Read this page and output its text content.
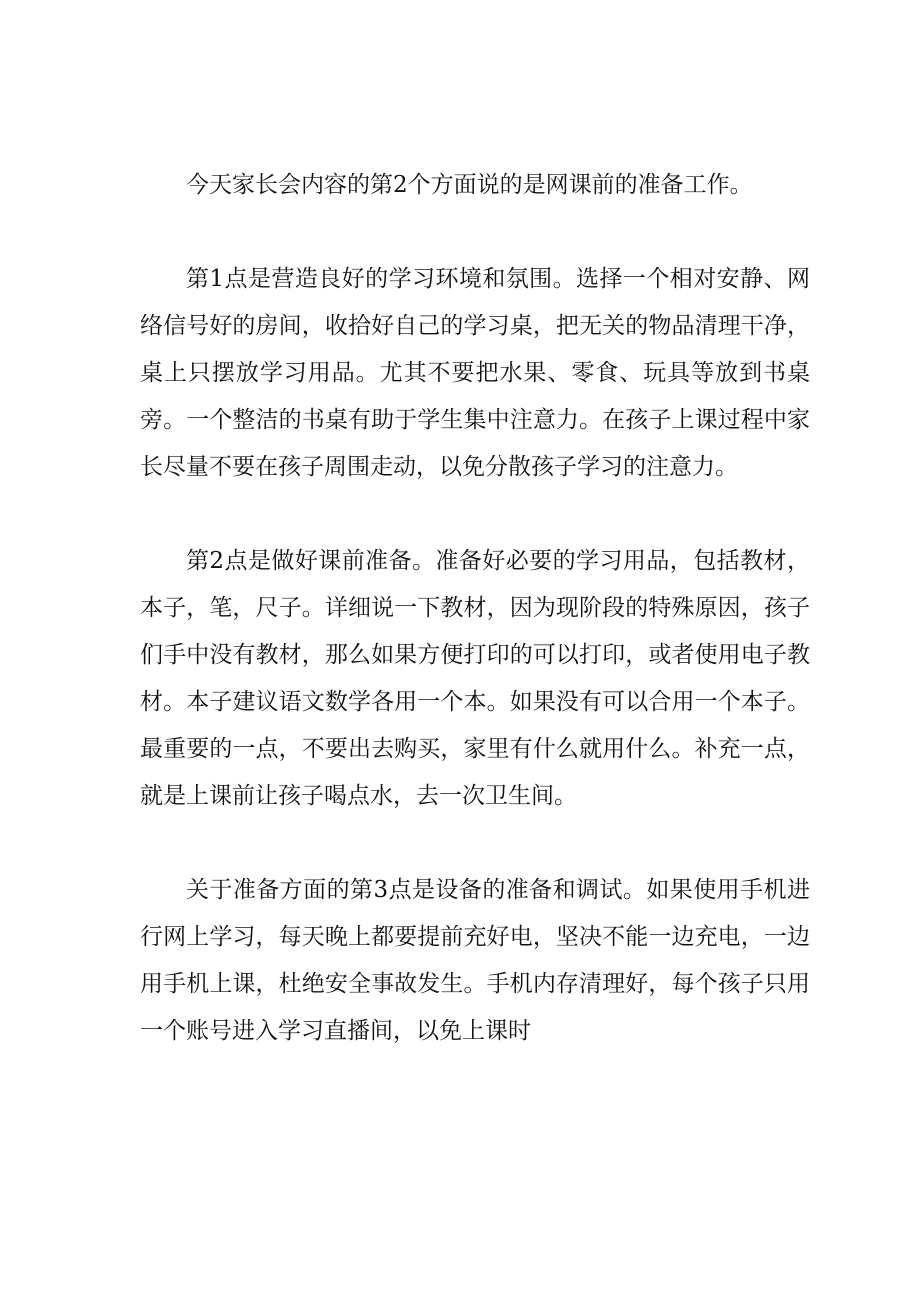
今天家长会内容的第2个方面说的是网课前的准备工作。

第1点是营造良好的学习环境和氛围。选择一个相对安静、网络信号好的房间，收拾好自己的学习桌，把无关的物品清理干净，桌上只摆放学习用品。尤其不要把水果、零食、玩具等放到书桌旁。一个整洁的书桌有助于学生集中注意力。在孩子上课过程中家长尽量不要在孩子周围走动，以免分散孩子学习的注意力。

第2点是做好课前准备。准备好必要的学习用品，包括教材，本子，笔，尺子。详细说一下教材，因为现阶段的特殊原因，孩子们手中没有教材，那么如果方便打印的可以打印，或者使用电子教材。本子建议语文数学各用一个本。如果没有可以合用一个本子。最重要的一点，不要出去购买，家里有什么就用什么。补充一点，就是上课前让孩子喝点水，去一次卫生间。

关于准备方面的第3点是设备的准备和调试。如果使用手机进行网上学习，每天晚上都要提前充好电，坚决不能一边充电，一边用手机上课，杜绝安全事故发生。手机内存清理好，每个孩子只用一个账号进入学习直播间，以免上课时
